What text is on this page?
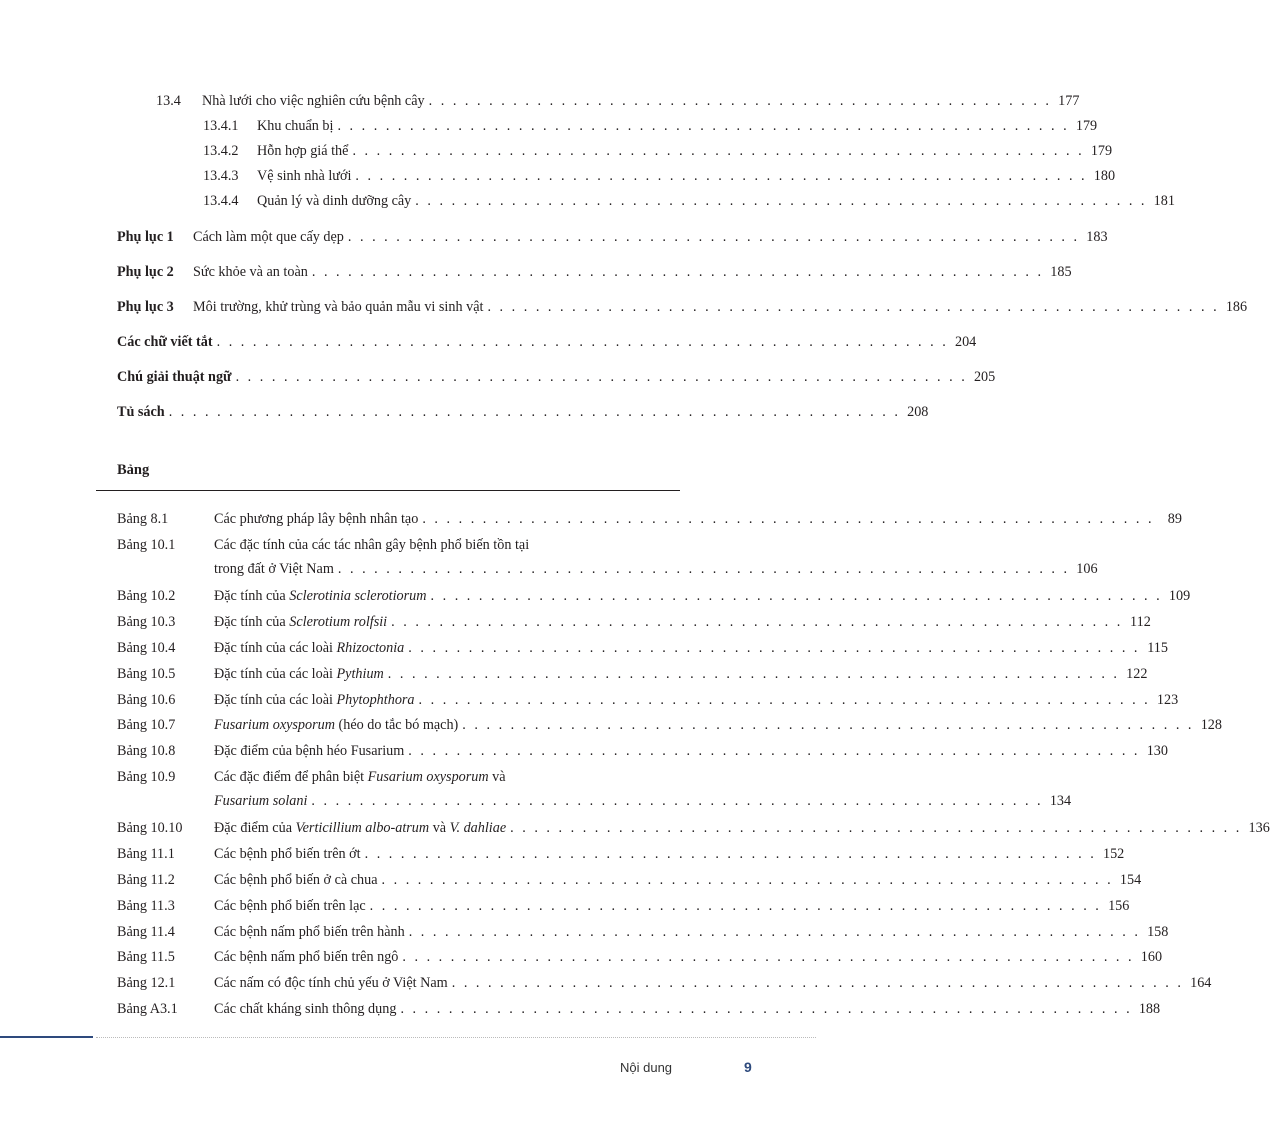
13.4 Nhà lưới cho việc nghiên cứu bệnh cây . . . . . . . . . . . . . . . . . . . . . . . . . . . . . . . . . . . . . . . . . . . . . . . . . . . . 177
13.4.1 Khu chuẩn bị . . . . . . . . . . . . . . . . . . . . . . . . . . . . . . . . . . . . . . . . . . . . . . . . . . . . . . . . . . . . . 179
13.4.2 Hỗn hợp giá thể . . . . . . . . . . . . . . . . . . . . . . . . . . . . . . . . . . . . . . . . . . . . . . . . . . . . . . . . . . . . . 179
13.4.3 Vệ sinh nhà lưới . . . . . . . . . . . . . . . . . . . . . . . . . . . . . . . . . . . . . . . . . . . . . . . . . . . . . . . . . . . . . 180
13.4.4 Quản lý và dinh dưỡng cây . . . . . . . . . . . . . . . . . . . . . . . . . . . . . . . . . . . . . . . . . . . . . . . . . . . . . . . . . . . . . 181
Phụ lục 1 Cách làm một que cấy dẹp . . . . . . . . . . . . . . . . . . . . . . . . . . . . . . . . . . . . . . . . . . . . . . . . . . . . . . . . . . . . . 183
Phụ lục 2 Sức khỏe và an toàn . . . . . . . . . . . . . . . . . . . . . . . . . . . . . . . . . . . . . . . . . . . . . . . . . . . . . . . . . . . . . 185
Phụ lục 3 Môi trường, khử trùng và bảo quản mẫu vi sinh vật . . . . . . . . . . . . . . . . . . . . . . . . . . . . . . . . . . . . . . . . . . . . . . . . . . . . . . . . . . . . . 186
Các chữ viết tắt . . . . . . . . . . . . . . . . . . . . . . . . . . . . . . . . . . . . . . . . . . . . . . . . . . . . . . . . . . . . . 204
Chú giải thuật ngữ . . . . . . . . . . . . . . . . . . . . . . . . . . . . . . . . . . . . . . . . . . . . . . . . . . . . . . . . . . . . . 205
Tủ sách . . . . . . . . . . . . . . . . . . . . . . . . . . . . . . . . . . . . . . . . . . . . . . . . . . . . . . . . . . . . . 208
Bảng
Bảng 8.1	Các phương pháp lây bệnh nhân tạo . . . . . . . . . . . . . . . . . . . . . . . . . . . . . . . . . . . . . . . . . . . . . . . . . . . . . . . . . . . . . 89
Bảng 10.1	Các đặc tính của các tác nhân gây bệnh phổ biến tồn tại
trong đất ở Việt Nam . . . . . . . . . . . . . . . . . . . . . . . . . . . . . . . . . . . . . . . . . . . . . . . . . . . . . . . . . . . . . 106
Bảng 10.2	Đặc tính của Sclerotinia sclerotiorum . . . . . . . . . . . . . . . . . . . . . . . . . . . . . . . . . . . . . . . . . . . . . . . . . . . . . . . . . . . . . 109
Bảng 10.3	Đặc tính của Sclerotium rolfsii . . . . . . . . . . . . . . . . . . . . . . . . . . . . . . . . . . . . . . . . . . . . . . . . . . . . . . . . . . . . . 112
Bảng 10.4	Đặc tính của các loài Rhizoctonia . . . . . . . . . . . . . . . . . . . . . . . . . . . . . . . . . . . . . . . . . . . . . . . . . . . . . . . . . . . . . 115
Bảng 10.5	Đặc tính của các loài Pythium . . . . . . . . . . . . . . . . . . . . . . . . . . . . . . . . . . . . . . . . . . . . . . . . . . . . . . . . . . . . . 122
Bảng 10.6	Đặc tính của các loài Phytophthora . . . . . . . . . . . . . . . . . . . . . . . . . . . . . . . . . . . . . . . . . . . . . . . . . . . . . . . . . . . . . 123
Bảng 10.7	Fusarium oxysporum (héo do tắc bó mạch) . . . . . . . . . . . . . . . . . . . . . . . . . . . . . . . . . . . . . . . . . . . . . . . . . . . . . . . . . . . . . 128
Bảng 10.8	Đặc điểm của bệnh héo Fusarium . . . . . . . . . . . . . . . . . . . . . . . . . . . . . . . . . . . . . . . . . . . . . . . . . . . . . . . . . . . . . 130
Bảng 10.9	Các đặc điểm để phân biệt Fusarium oxysporum và
Fusarium solani . . . . . . . . . . . . . . . . . . . . . . . . . . . . . . . . . . . . . . . . . . . . . . . . . . . . . . . . . . . . . 134
Bảng 10.10 Đặc điểm của Verticillium albo-atrum và V. dahliae . . . . . . . . . . . . . . . . . . . . . . . . . . . . . . . . . . . . . . . . . . . . . . . . . . . . . . . . . . . . . 136
Bảng 11.1	Các bệnh phổ biến trên ớt . . . . . . . . . . . . . . . . . . . . . . . . . . . . . . . . . . . . . . . . . . . . . . . . . . . . . . . . . . . . . 152
Bảng 11.2	Các bệnh phổ biến ở cà chua . . . . . . . . . . . . . . . . . . . . . . . . . . . . . . . . . . . . . . . . . . . . . . . . . . . . . . . . . . . . . 154
Bảng 11.3	Các bệnh phổ biến trên lạc . . . . . . . . . . . . . . . . . . . . . . . . . . . . . . . . . . . . . . . . . . . . . . . . . . . . . . . . . . . . . 156
Bảng 11.4	Các bệnh nấm phổ biến trên hành . . . . . . . . . . . . . . . . . . . . . . . . . . . . . . . . . . . . . . . . . . . . . . . . . . . . . . . . . . . . . 158
Bảng 11.5	Các bệnh nấm phổ biến trên ngô . . . . . . . . . . . . . . . . . . . . . . . . . . . . . . . . . . . . . . . . . . . . . . . . . . . . . . . . . . . . . 160
Bảng 12.1	Các nấm có độc tính chủ yếu ở Việt Nam . . . . . . . . . . . . . . . . . . . . . . . . . . . . . . . . . . . . . . . . . . . . . . . . . . . . . . . . . . . . . 164
Bảng A3.1	Các chất kháng sinh thông dụng . . . . . . . . . . . . . . . . . . . . . . . . . . . . . . . . . . . . . . . . . . . . . . . . . . . . . . . . . . . . . 188
Nội dung	9
